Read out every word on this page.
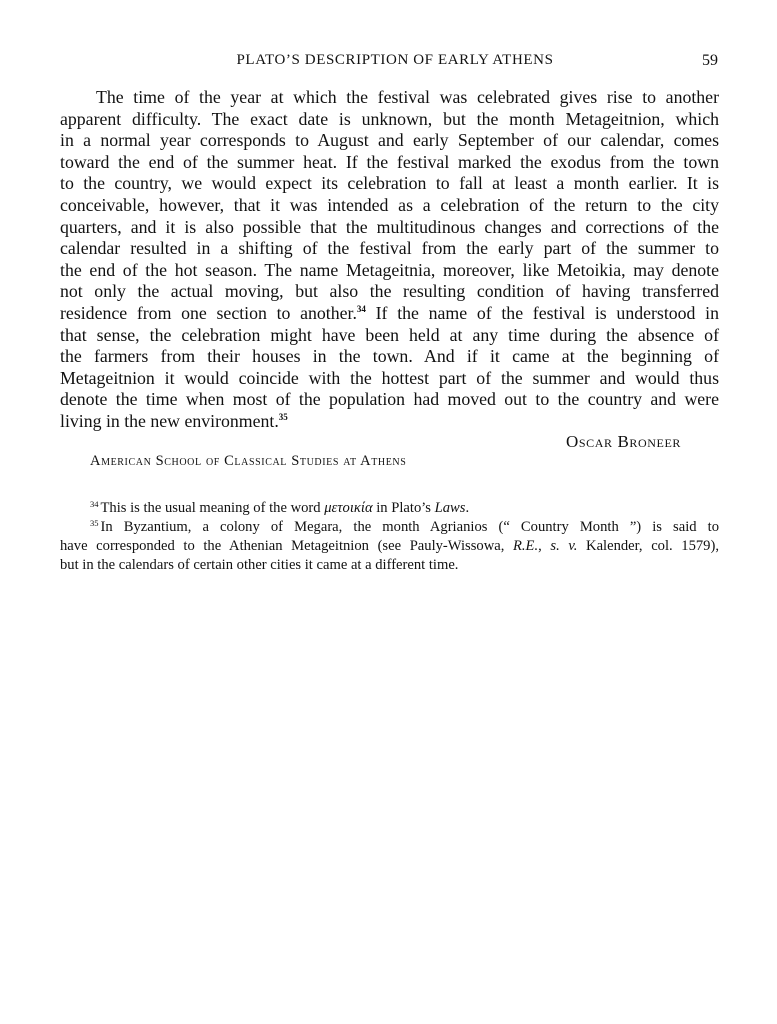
PLATO’S DESCRIPTION OF EARLY ATHENS	59
The time of the year at which the festival was celebrated gives rise to another
apparent difficulty. The exact date is unknown, but the month Metageitnion, which
in a normal year corresponds to August and early September of our calendar, comes
toward the end of the summer heat. If the festival marked the exodus from the town
to the country, we would expect its celebration to fall at least a month earlier. It is
conceivable, however, that it was intended as a celebration of the return to the city
quarters, and it is also possible that the multitudinous changes and corrections of the
calendar resulted in a shifting of the festival from the early part of the summer to
the end of the hot season. The name Metageitnia, moreover, like Metoikia, may denote
not only the actual moving, but also the resulting condition of having transferred
residence from one section to another.$^{34}$ If the name of the festival is understood in
that sense, the celebration might have been held at any time during the absence of
the farmers from their houses in the town. And if it came at the beginning of
Metageitnion it would coincide with the hottest part of the summer and would thus
denote the time when most of the population had moved out to the country and were
living in the new environment.$^{35}$
Oscar Broneer
American School of Classical Studies at Athens
$^{34}$ This is the usual meaning of the word μετοικία in Plato’s Laws.
$^{35}$ In Byzantium, a colony of Megara, the month Agrianios (“ Country Month ”) is said to
have corresponded to the Athenian Metageitnion (see Pauly-Wissowa, R.E., s. v. Kalender, col. 1579),
but in the calendars of certain other cities it came at a different time.
